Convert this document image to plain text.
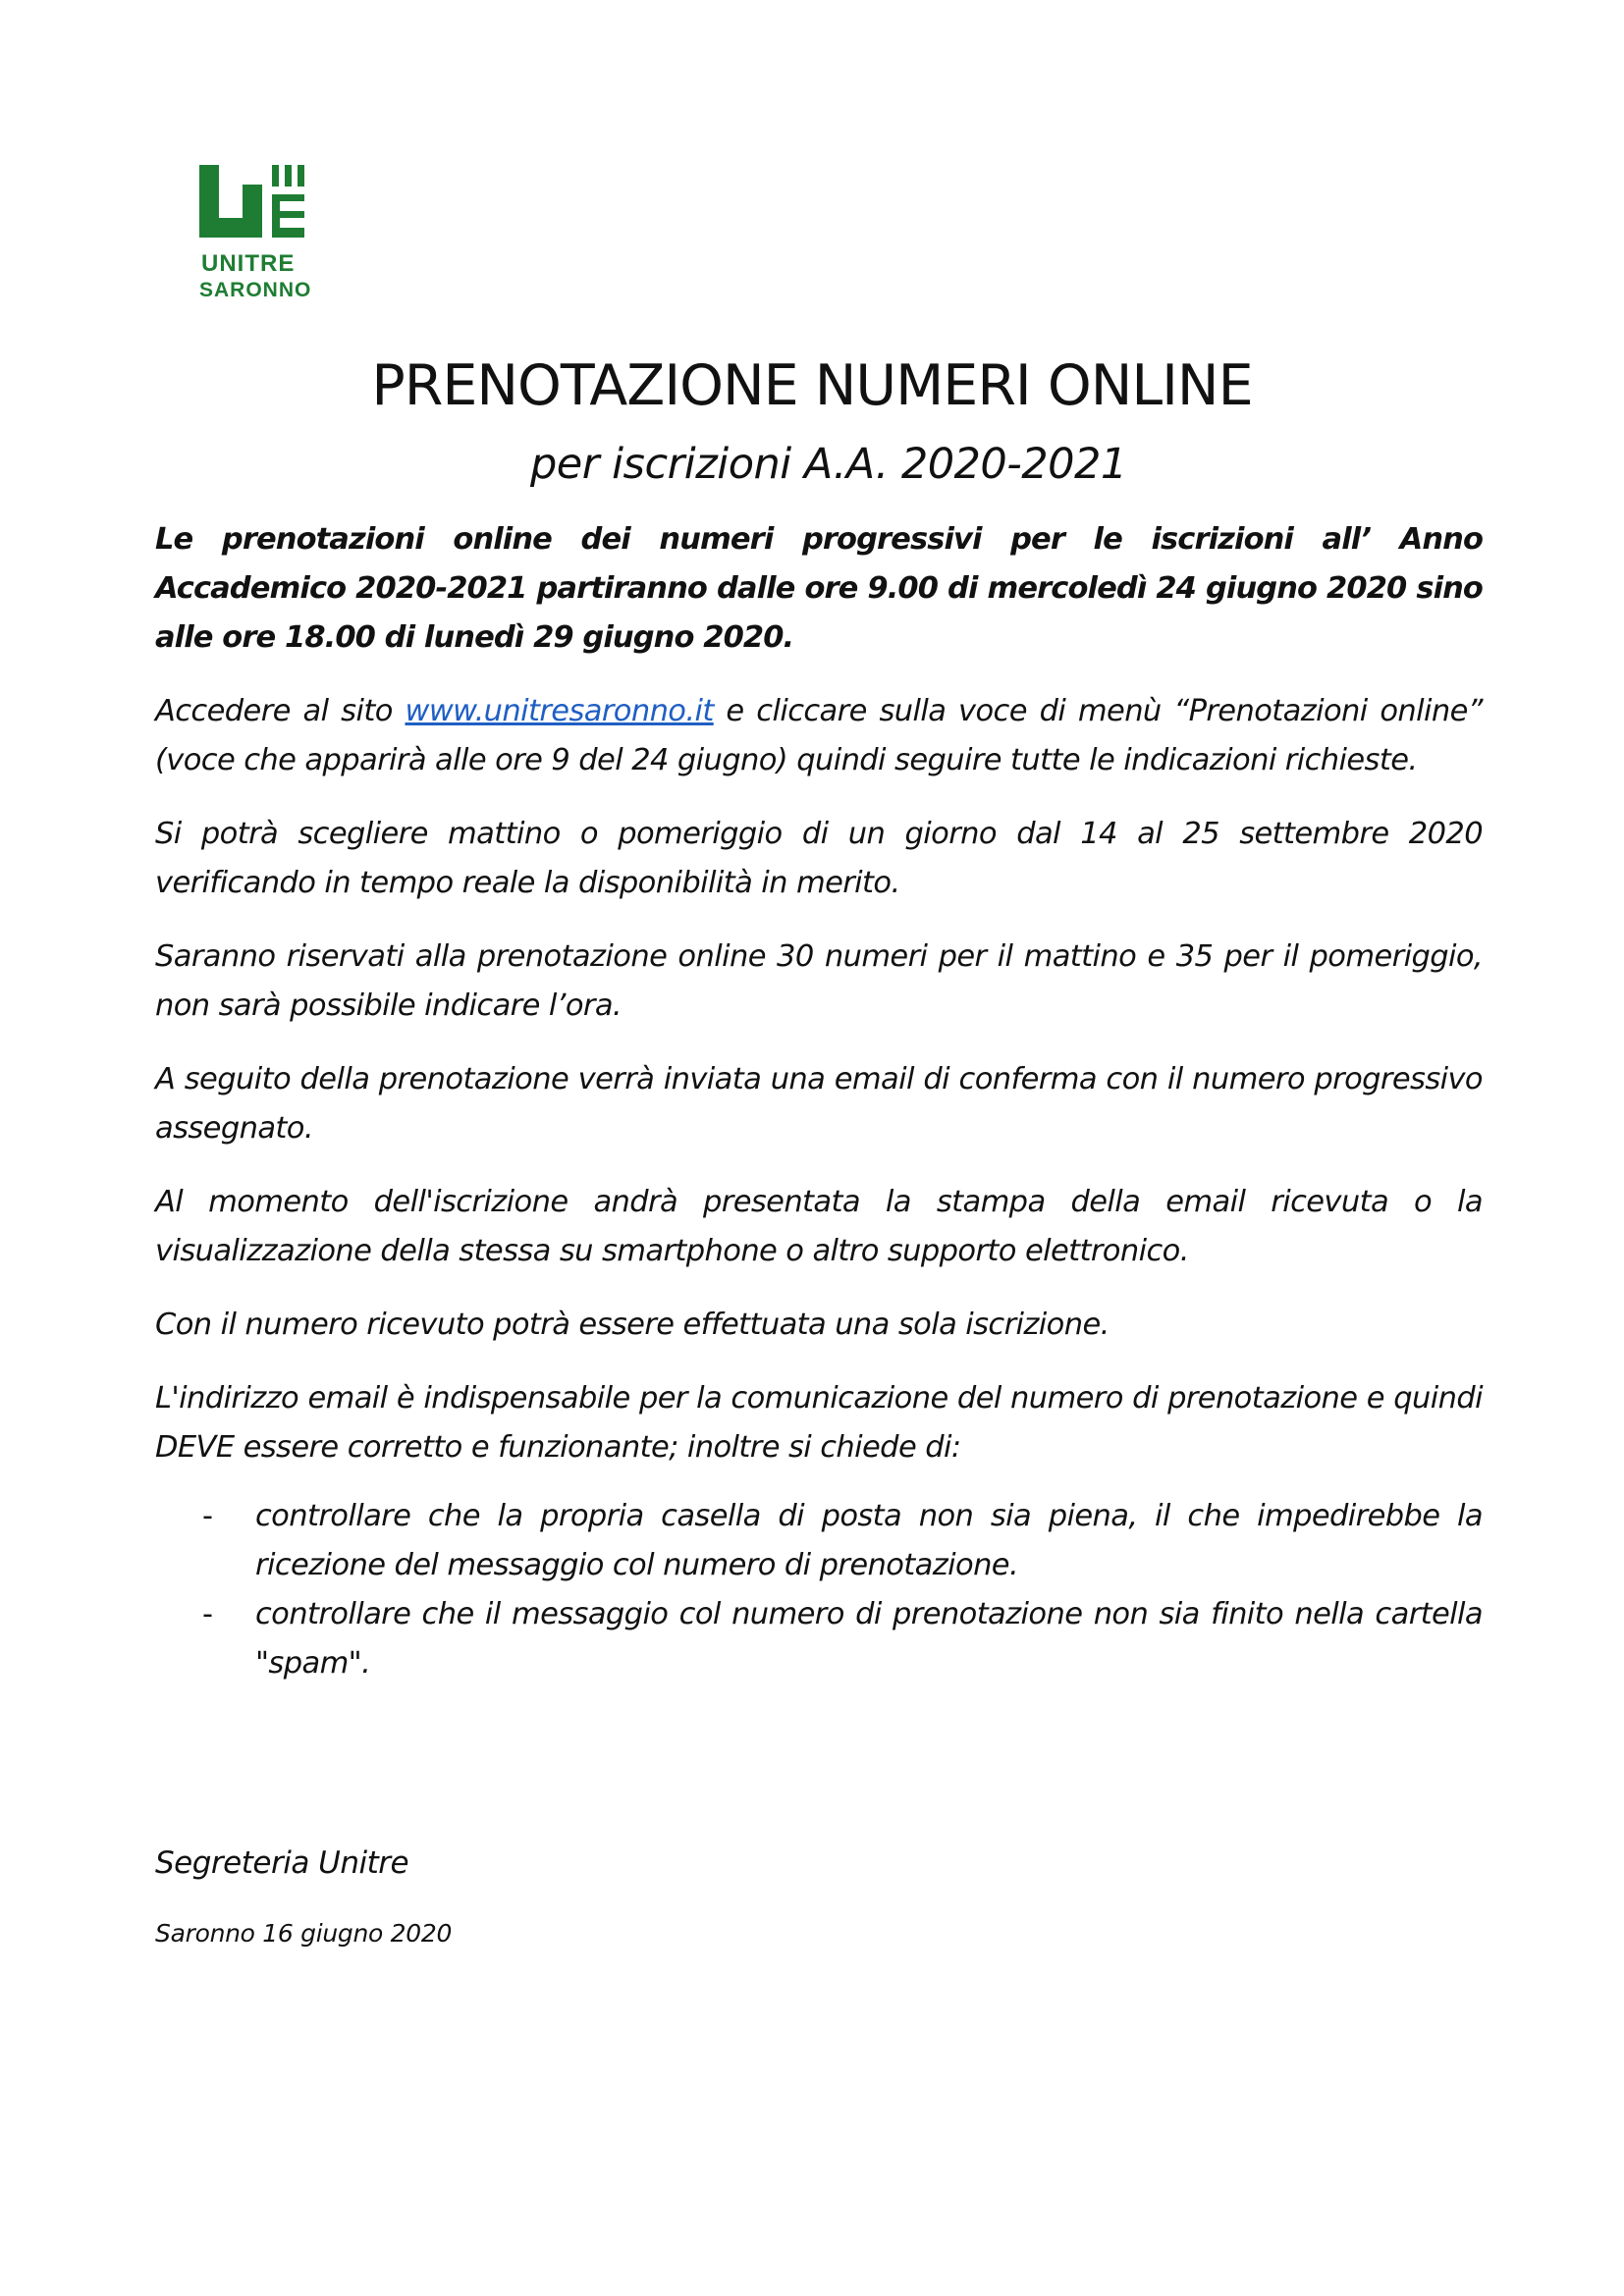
UNITRE
SARONNO
PRENOTAZIONE NUMERI ONLINE
per iscrizioni A.A. 2020-2021

Le prenotazioni online dei numeri progressivi per le iscrizioni all’ Anno Accademico 2020-2021 partiranno dalle ore 9.00 di mercoledì 24 giugno 2020 sino alle ore 18.00 di lunedì 29 giugno 2020.

Accedere al sito www.unitresaronno.it e cliccare sulla voce di menù “Prenotazioni online” (voce che apparirà alle ore 9 del 24 giugno) quindi seguire tutte le indicazioni richieste.

Si potrà scegliere mattino o pomeriggio di un giorno dal 14 al 25 settembre 2020 verificando in tempo reale la disponibilità in merito.

Saranno riservati alla prenotazione online 30 numeri per il mattino e 35 per il pomeriggio, non sarà possibile indicare l’ora.

A seguito della prenotazione verrà inviata una email di conferma con il numero progressivo assegnato.

Al momento dell'iscrizione andrà presentata la stampa della email ricevuta o la visualizzazione della stessa su smartphone o altro supporto elettronico.

Con il numero ricevuto potrà essere effettuata una sola iscrizione.

L'indirizzo email è indispensabile per la comunicazione del numero di prenotazione e quindi DEVE essere corretto e funzionante; inoltre si chiede di:

- controllare che la propria casella di posta non sia piena, il che impedirebbe la ricezione del messaggio col numero di prenotazione.
- controllare che il messaggio col numero di prenotazione non sia finito nella cartella "spam".
Segreteria Unitre
Saronno 16 giugno 2020
